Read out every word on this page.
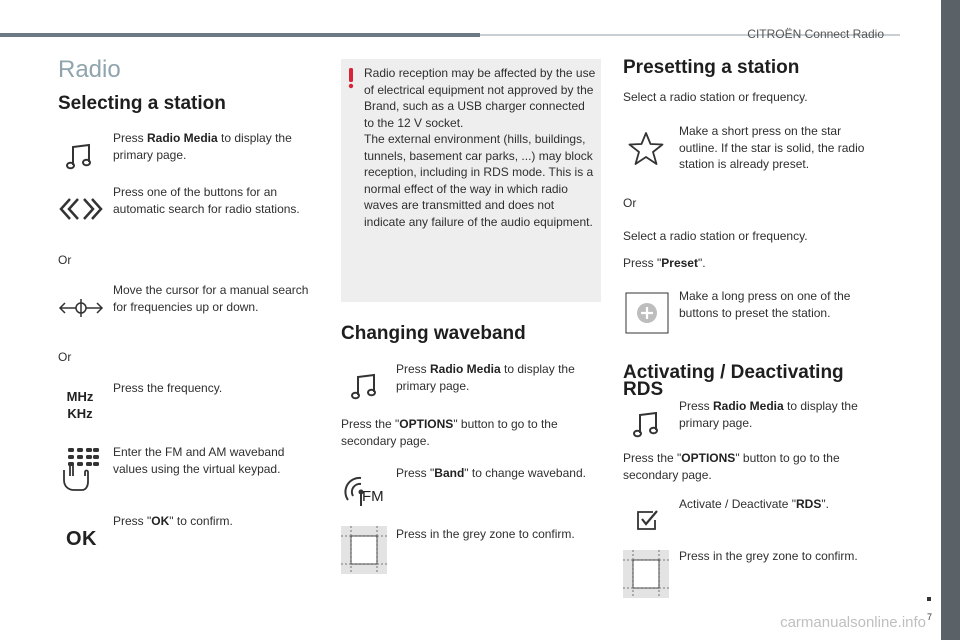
CITROËN Connect Radio
7
carmanualsonline.info
Radio
Selecting a station
Press Radio Media to display the primary page.
Press one of the buttons for an automatic search for radio stations.
Or
Move the cursor for a manual search for frequencies up or down.
Or
MHz
KHz
Press the frequency.
Enter the FM and AM waveband values using the virtual keypad.
OK
Press "OK" to confirm.
Radio reception may be affected by the use of electrical equipment not approved by the Brand, such as a USB charger connected to the 12 V socket.
The external environment (hills, buildings, tunnels, basement car parks, ...) may block reception, including in RDS mode. This is a normal effect of the way in which radio waves are transmitted and does not indicate any failure of the audio equipment.
Changing waveband
Press Radio Media to display the primary page.
Press the "OPTIONS" button to go to the secondary page.
FM
Press "Band" to change waveband.
Press in the grey zone to confirm.
Presetting a station
Select a radio station or frequency.
Make a short press on the star outline. If the star is solid, the radio station is already preset.
Or
Select a radio station or frequency.
Press "Preset".
Make a long press on one of the buttons to preset the station.
Activating / Deactivating
RDS
Press Radio Media to display the primary page.
Press the "OPTIONS" button to go to the secondary page.
Activate / Deactivate "RDS".
Press in the grey zone to confirm.
